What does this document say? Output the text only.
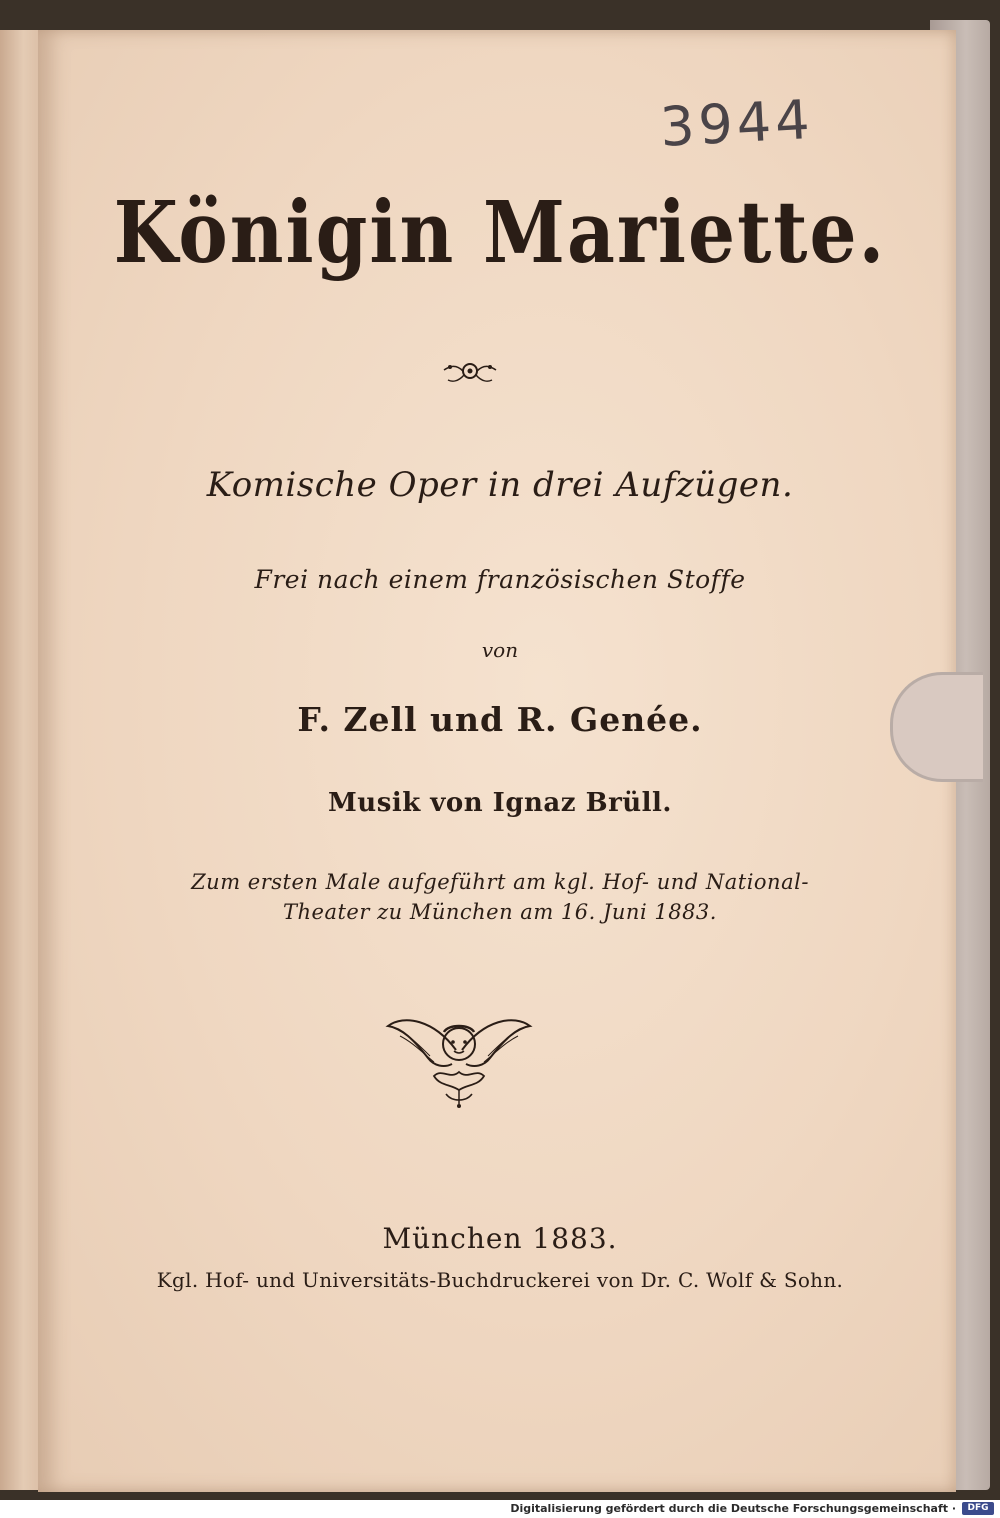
3944

Königin Mariette.

Komische Oper in drei Aufzügen.

Frei nach einem französischen Stoffe

von

F. Zell und R. Genée.

Musik von Ignaz Brüll.

Zum ersten Male aufgeführt am kgl. Hof- und National-

Theater zu München am 16. Juni 1883.

München 1883.

Kgl. Hof- und Universitäts-Buchdruckerei von Dr. C. Wolf & Sohn.

Digitalisierung gefördert durch die Deutsche Forschungsgemeinschaft ·	DFG
